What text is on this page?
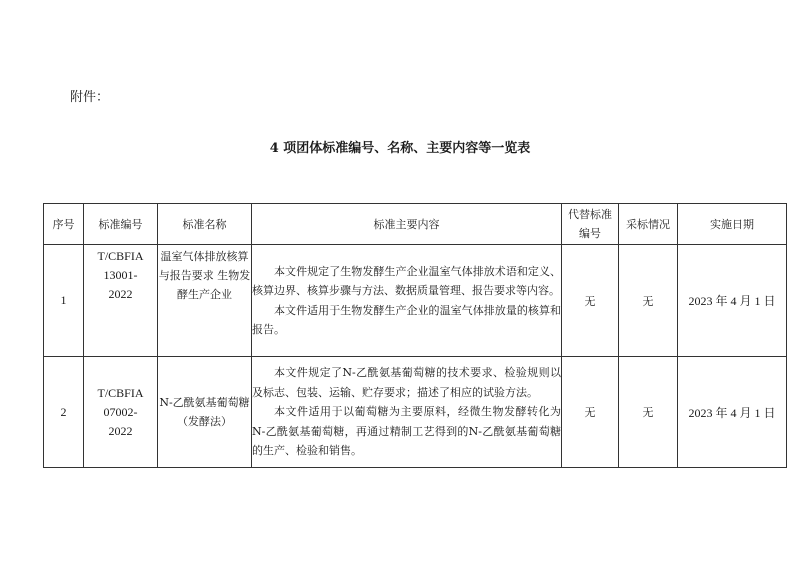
附件：
4 项团体标准编号、名称、主要内容等一览表
序号	标准编号	标准名称	标准主要内容	代替标准编号	采标情况	实施日期
1	T/CBFIA 13001-2022	温室气体排放核算与报告要求 生物发酵生产企业	本文件规定了生物发酵生产企业温室气体排放术语和定义、核算边界、核算步骤与方法、数据质量管理、报告要求等内容。

本文件适用于生物发酵生产企业的温室气体排放量的核算和报告。	无	无	2023 年 4 月 1 日
2	T/CBFIA 07002-2022	N-乙酰氨基葡萄糖（发酵法）	本文件规定了N-乙酰氨基葡萄糖的技术要求、检验规则以及标志、包装、运输、贮存要求；描述了相应的试验方法。

本文件适用于以葡萄糖为主要原料，经微生物发酵转化为N-乙酰氨基葡萄糖，再通过精制工艺得到的N-乙酰氨基葡萄糖的生产、检验和销售。	无	无	2023 年 4 月 1 日
